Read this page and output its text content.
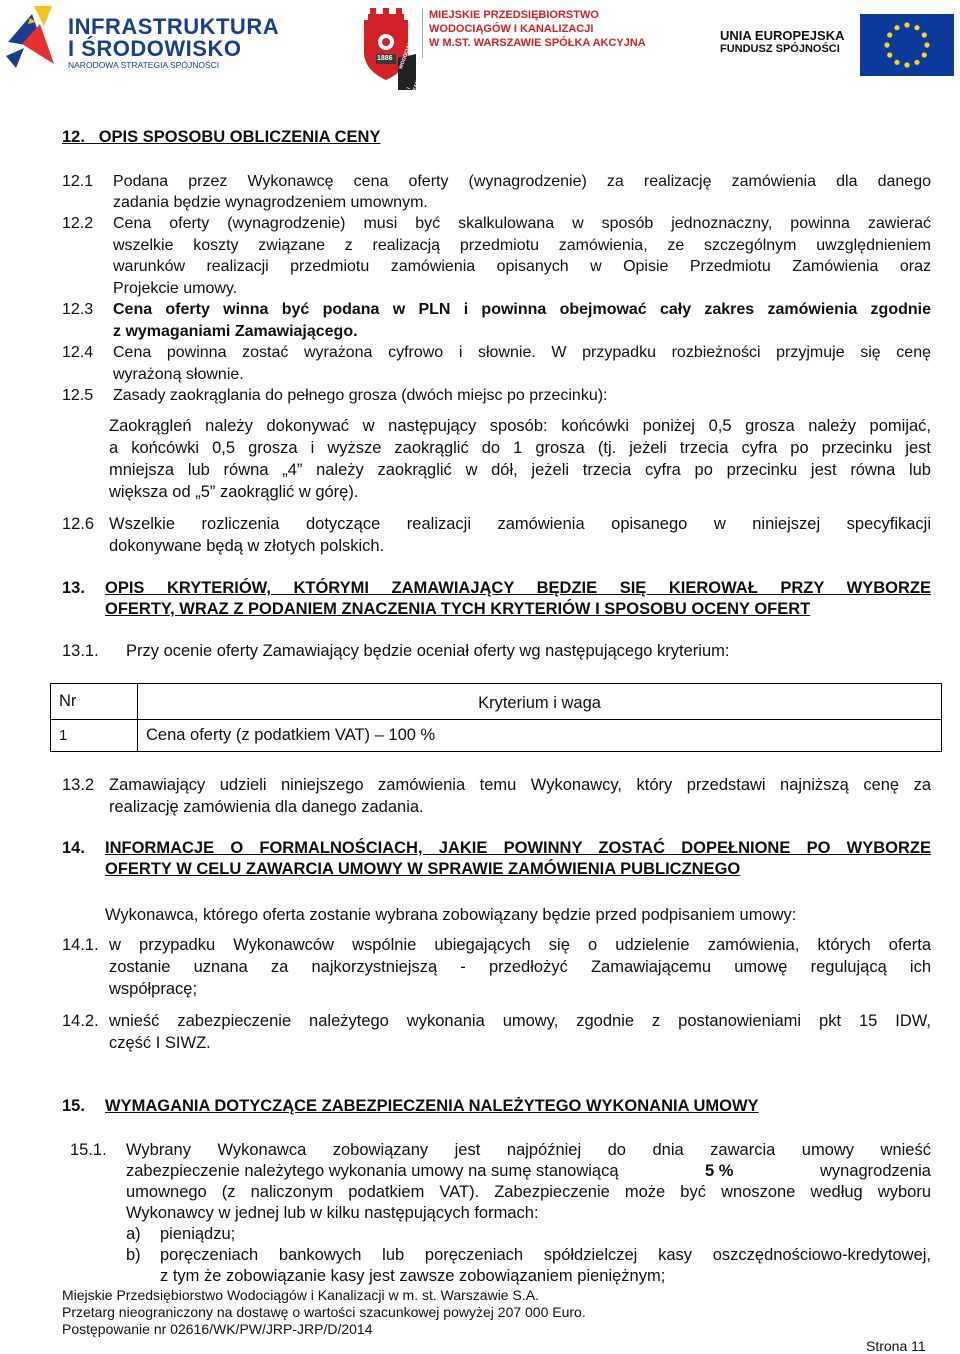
INFRASTRUKTURA
I ŚRODOWISKO
NARODOWA STRATEGIA SPÓJNOŚCI
1886 WODOCIĄGI
I KANALIZACJA
MIEJSKIE PRZEDSIĘBIORSTWO
WODOCIĄGÓW I KANALIZACJI
W M.ST. WARSZAWIE SPÓŁKA AKCYJNA	UNIA EUROPEJSKA
FUNDUSZ SPÓJNOŚCI
12.   OPIS SPOSOBU OBLICZENIA CENY
12.1 Podana przez Wykonawcę cena oferty (wynagrodzenie) za realizację zamówienia dla danego
zadania będzie wynagrodzeniem umownym.
12.2 Cena oferty (wynagrodzenie) musi być skalkulowana w sposób jednoznaczny, powinna zawierać
wszelkie koszty związane z realizacją przedmiotu zamówienia, ze szczególnym uwzględnieniem
warunków realizacji przedmiotu zamówienia opisanych w Opisie Przedmiotu Zamówienia oraz
Projekcie umowy.
12.3 Cena oferty winna być podana w PLN i powinna obejmować cały zakres zamówienia zgodnie
z wymaganiami Zamawiającego.
12.4 Cena powinna zostać wyrażona cyfrowo i słownie. W przypadku rozbieżności przyjmuje się cenę
wyrażoną słownie.
12.5 Zasady zaokrąglania do pełnego grosza (dwóch miejsc po przecinku):
Zaokrągleń należy dokonywać w następujący sposób: końcówki poniżej 0,5 grosza należy pomijać,
a końcówki 0,5 grosza i wyższe zaokrąglić do 1 grosza (tj. jeżeli trzecia cyfra po przecinku jest
mniejsza lub równa „4” należy zaokrąglić w dół, jeżeli trzecia cyfra po przecinku jest równa lub
większa od „5” zaokrąglić w górę).
12.6 Wszelkie rozliczenia dotyczące realizacji zamówienia opisanego w niniejszej specyfikacji
dokonywane będą w złotych polskich.
13. OPIS KRYTERIÓW, KTÓRYMI ZAMAWIAJĄCY BĘDZIE SIĘ KIEROWAŁ PRZY WYBORZE
OFERTY, WRAZ Z PODANIEM ZNACZENIA TYCH KRYTERIÓW I SPOSOBU OCENY OFERT
13.1. Przy ocenie oferty Zamawiający będzie oceniał oferty wg następującego kryterium:
Nr	Kryterium i waga
1	Cena oferty (z podatkiem VAT) – 100 %
13.2 Zamawiający udzieli niniejszego zamówienia temu Wykonawcy, który przedstawi najniższą cenę za
realizację zamówienia dla danego zadania.
14. INFORMACJE O FORMALNOŚCIACH, JAKIE POWINNY ZOSTAĆ DOPEŁNIONE PO WYBORZE
OFERTY W CELU ZAWARCIA UMOWY W SPRAWIE ZAMÓWIENIA PUBLICZNEGO
Wykonawca, którego oferta zostanie wybrana zobowiązany będzie przed podpisaniem umowy:
14.1. w przypadku Wykonawców wspólnie ubiegających się o udzielenie zamówienia, których oferta
zostanie uznana za najkorzystniejszą - przedłożyć Zamawiającemu umowę regulującą ich
współpracę;
14.2. wnieść zabezpieczenie należytego wykonania umowy, zgodnie z postanowieniami pkt 15 IDW,
część I SIWZ.
15. WYMAGANIA DOTYCZĄCE ZABEZPIECZENIA NALEŻYTEGO WYKONANIA UMOWY
15.1. Wybrany Wykonawca zobowiązany jest najpóźniej do dnia zawarcia umowy wnieść
zabezpieczenie należytego wykonania umowy na sumę stanowiącą	5 %	wynagrodzenia
umownego (z naliczonym podatkiem VAT). Zabezpieczenie może być wnoszone według wyboru
Wykonawcy w jednej lub w kilku następujących formach:
a) pieniądzu;
b) poręczeniach bankowych lub poręczeniach spółdzielczej kasy oszczędnościowo-kredytowej,
z tym że zobowiązanie kasy jest zawsze zobowiązaniem pieniężnym;
Miejskie Przedsiębiorstwo Wodociągów i Kanalizacji w m. st. Warszawie S.A.
Przetarg nieograniczony na dostawę o wartości szacunkowej powyżej 207 000 Euro.
Postępowanie nr 02616/WK/PW/JRP-JRP/D/2014
Strona 11
